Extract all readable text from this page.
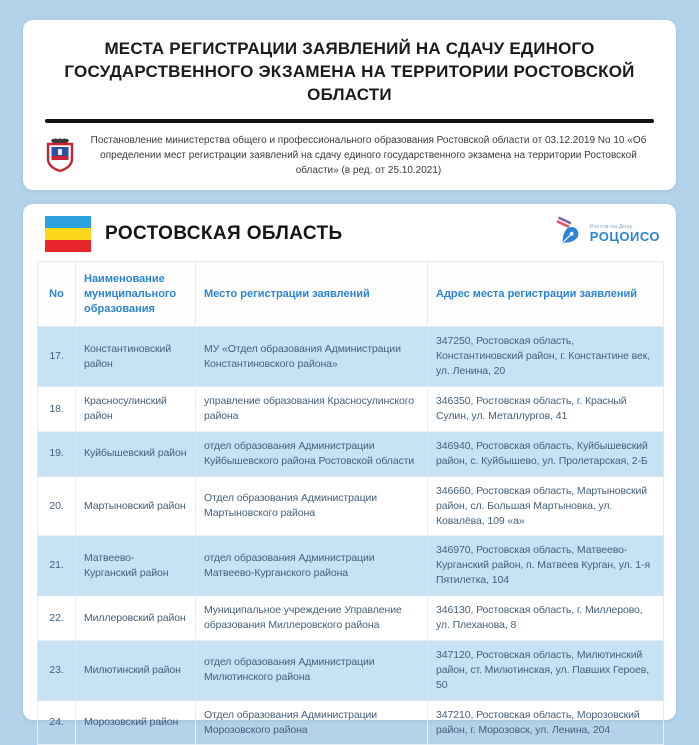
МЕСТА РЕГИСТРАЦИИ ЗАЯВЛЕНИЙ НА СДАЧУ ЕДИНОГО
ГОСУДАРСТВЕННОГО ЭКЗАМЕНА НА ТЕРРИТОРИИ РОСТОВСКОЙ ОБЛАСТИ

Постановление министерства общего и профессионального образования Ростовской области от 03.12.2019 No 10 «Об определении мест регистрации заявлений на сдачу единого государственного экзамена на территории Ростовской области» (в ред. от 25.10.2021)

РОСТОВСКАЯ ОБЛАСТЬ	Ростов-на-Дону
РОЦОИСО
No	Наименование муниципального образования	Место регистрации заявлений	Адрес места регистрации заявлений
17.	Константиновский район	МУ «Отдел образования Администрации Константиновского района»	347250, Ростовская область, Константиновский район, г. Константине век, ул. Ленина, 20
18.	Красносулинский район	управление образования Красносулинского района	346350, Ростовская область, г. Красный Сулин, ул. Металлургов, 41
19.	Куйбышевский район	отдел образования Администрации Куйбышевского района Ростовской области	346940, Ростовская область, Куйбышевский район, с. Куйбышево, ул. Пролетарская, 2-Б
20.	Мартыновский район	Отдел образования Администрации Мартыновского района	346660, Ростовская область, Мартыновский район, сл. Большая Мартыновка, ул. Ковалёва, 109 «а»
21.	Матвеево-Курганский район	отдел образования Администрации Матвеево-Курганского района	346970, Ростовская область, Матвеево-Курганский район, п. Матвеев Курган, ул. 1-я Пятилетка, 104
22.	Миллеровский район	Муниципальное учреждение Управление образования Миллеровского района	346130, Ростовская область, г. Миллерово, ул. Плеханова, 8
23.	Милютинский район	отдел образования Администрации Милютинского района	347120, Ростовская область, Милютинский район, ст. Милютинская, ул. Павших Героев, 50
24.	Морозовский район	Отдел образования Администрации Морозовского района	347210, Ростовская область, Морозовский район, г. Морозовск, ул. Ленина, 204
